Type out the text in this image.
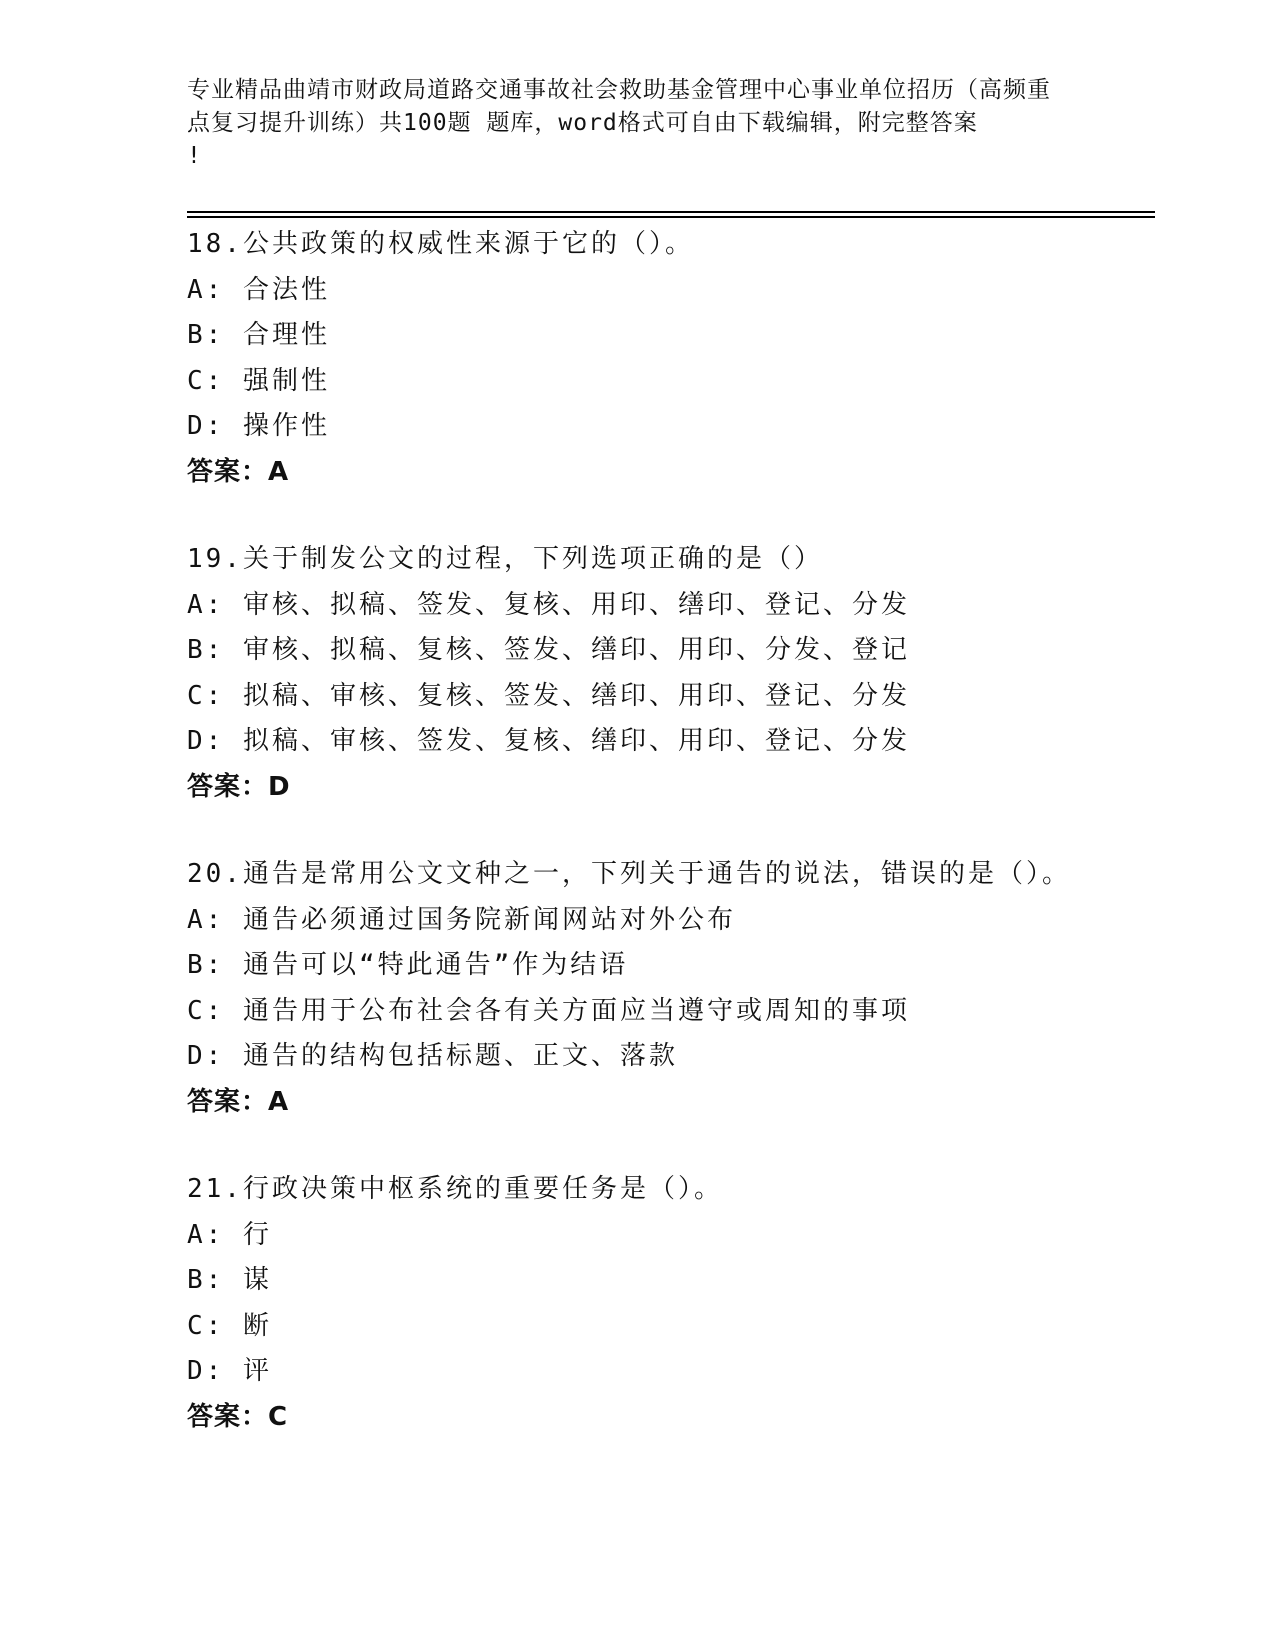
专业精品曲靖市财政局道路交通事故社会救助基金管理中心事业单位招历（高频重
点复习提升训练）共100题 题库，word格式可自由下载编辑，附完整答案
!
18.公共政策的权威性来源于它的（）。
A: 合法性
B: 合理性
C: 强制性
D: 操作性
答案：A
19.关于制发公文的过程，下列选项正确的是（）
A: 审核、拟稿、签发、复核、用印、缮印、登记、分发
B: 审核、拟稿、复核、签发、缮印、用印、分发、登记
C: 拟稿、审核、复核、签发、缮印、用印、登记、分发
D: 拟稿、审核、签发、复核、缮印、用印、登记、分发
答案：D
20.通告是常用公文文种之一，下列关于通告的说法，错误的是（）。
A: 通告必须通过国务院新闻网站对外公布
B: 通告可以“特此通告”作为结语
C: 通告用于公布社会各有关方面应当遵守或周知的事项
D: 通告的结构包括标题、正文、落款
答案：A
21.行政决策中枢系统的重要任务是（）。
A: 行
B: 谋
C: 断
D: 评
答案：C
